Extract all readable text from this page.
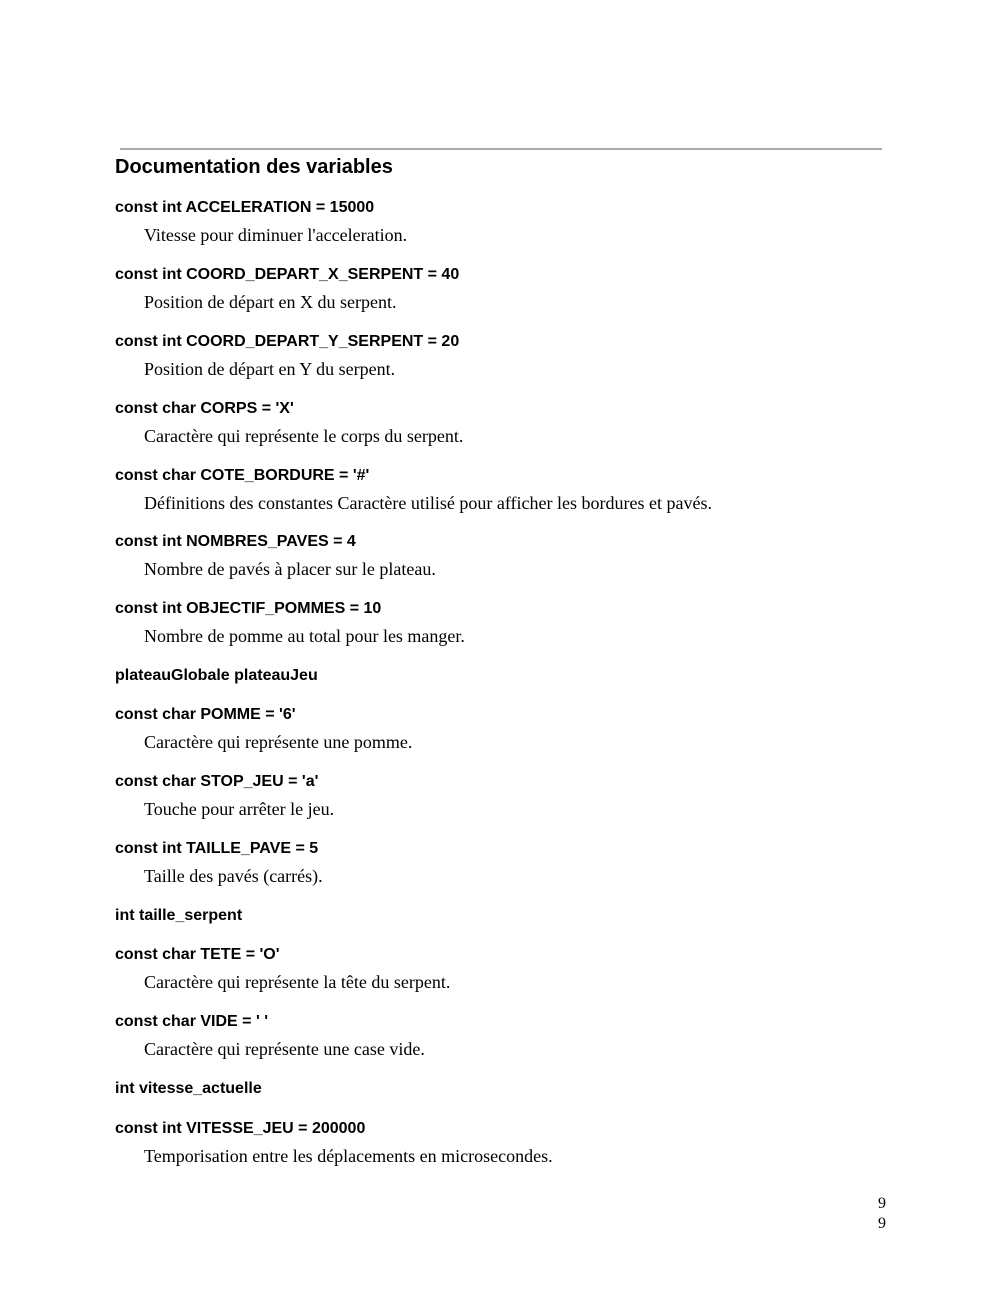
Documentation des variables
const int ACCELERATION = 15000
Vitesse pour diminuer l'acceleration.
const int COORD_DEPART_X_SERPENT = 40
Position de départ en X du serpent.
const int COORD_DEPART_Y_SERPENT = 20
Position de départ en Y du serpent.
const char CORPS = 'X'
Caractère qui représente le corps du serpent.
const char COTE_BORDURE = '#'
Définitions des constantes Caractère utilisé pour afficher les bordures et pavés.
const int NOMBRES_PAVES = 4
Nombre de pavés à placer sur le plateau.
const int OBJECTIF_POMMES = 10
Nombre de pomme au total pour les manger.
plateauGlobale plateauJeu
const char POMME = '6'
Caractère qui représente une pomme.
const char STOP_JEU = 'a'
Touche pour arrêter le jeu.
const int TAILLE_PAVE = 5
Taille des pavés (carrés).
int taille_serpent
const char TETE = 'O'
Caractère qui représente la tête du serpent.
const char VIDE = ' '
Caractère qui représente une case vide.
int vitesse_actuelle
const int VITESSE_JEU = 200000
Temporisation entre les déplacements en microsecondes.
9
9
